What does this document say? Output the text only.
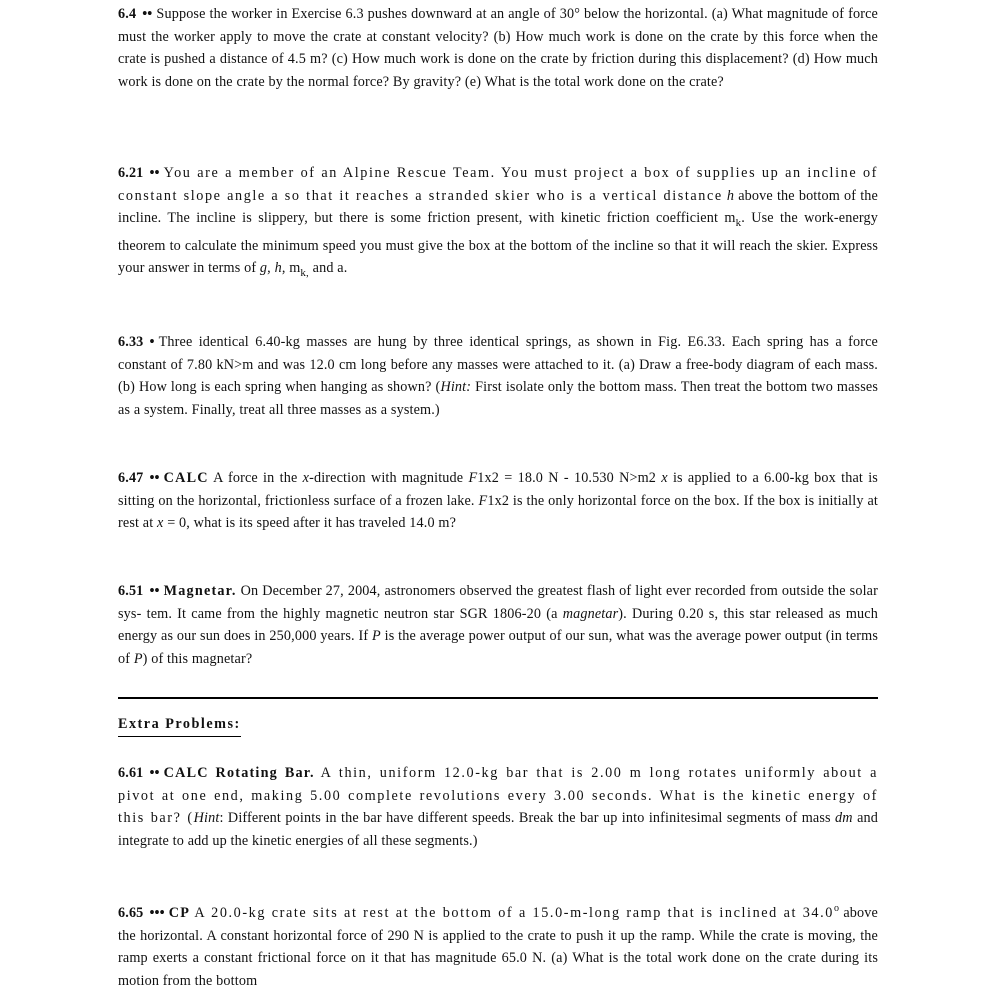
6.4 •• Suppose the worker in Exercise 6.3 pushes downward at an angle of 30° below the horizontal. (a) What magnitude of force must the worker apply to move the crate at constant velocity? (b) How much work is done on the crate by this force when the crate is pushed a distance of 4.5 m? (c) How much work is done on the crate by friction during this displacement? (d) How much work is done on the crate by the normal force? By gravity? (e) What is the total work done on the crate?

6.21 •• You are a member of an Alpine Rescue Team. You must project a box of supplies up an incline of constant slope angle a so that it reaches a stranded skier who is a vertical distance h above the bottom of the incline. The incline is slippery, but there is some friction present, with kinetic friction coefficient $m_k$. Use the work-energy theorem to calculate the minimum speed you must give the box at the bottom of the incline so that it will reach the skier. Express your answer in terms of g, h, $m_{k,}$ and a.

6.33 • Three identical 6.40-kg masses are hung by three identical springs, as shown in Fig. E6.33. Each spring has a force constant of 7.80 kN>m and was 12.0 cm long before any masses were attached to it. (a) Draw a free-body diagram of each mass. (b) How long is each spring when hanging as shown? (Hint: First isolate only the bottom mass. Then treat the bottom two masses as a system. Finally, treat all three masses as a system.)

6.47 •• CALC A force in the x-direction with magnitude F1x2 = 18.0 N - 10.530 N>m2 x is applied to a 6.00-kg box that is sitting on the horizontal, frictionless surface of a frozen lake. F1x2 is the only horizontal force on the box. If the box is initially at rest at x = 0, what is its speed after it has traveled 14.0 m?

6.51 •• Magnetar. On December 27, 2004, astronomers observed the greatest flash of light ever recorded from outside the solar sys- tem. It came from the highly magnetic neutron star SGR 1806-20 (a magnetar). During 0.20 s, this star released as much energy as our sun does in 250,000 years. If P is the average power output of our sun, what was the average power output (in terms of P) of this magnetar?

Extra Problems:

6.61 •• CALC Rotating Bar. A thin, uniform 12.0-kg bar that is 2.00 m long rotates uniformly about a pivot at one end, making 5.00 complete revolutions every 3.00 seconds. What is the kinetic energy of this bar? (Hint: Different points in the bar have different speeds. Break the bar up into infinitesimal segments of mass dm and integrate to add up the kinetic energies of all these segments.)

6.65 ••• CP A 20.0-kg crate sits at rest at the bottom of a 15.0-m-long ramp that is inclined at 34.0$^o$ above the horizontal. A constant horizontal force of 290 N is applied to the crate to push it up the ramp. While the crate is moving, the ramp exerts a constant frictional force on it that has magnitude 65.0 N. (a) What is the total work done on the crate during its motion from the bottom
